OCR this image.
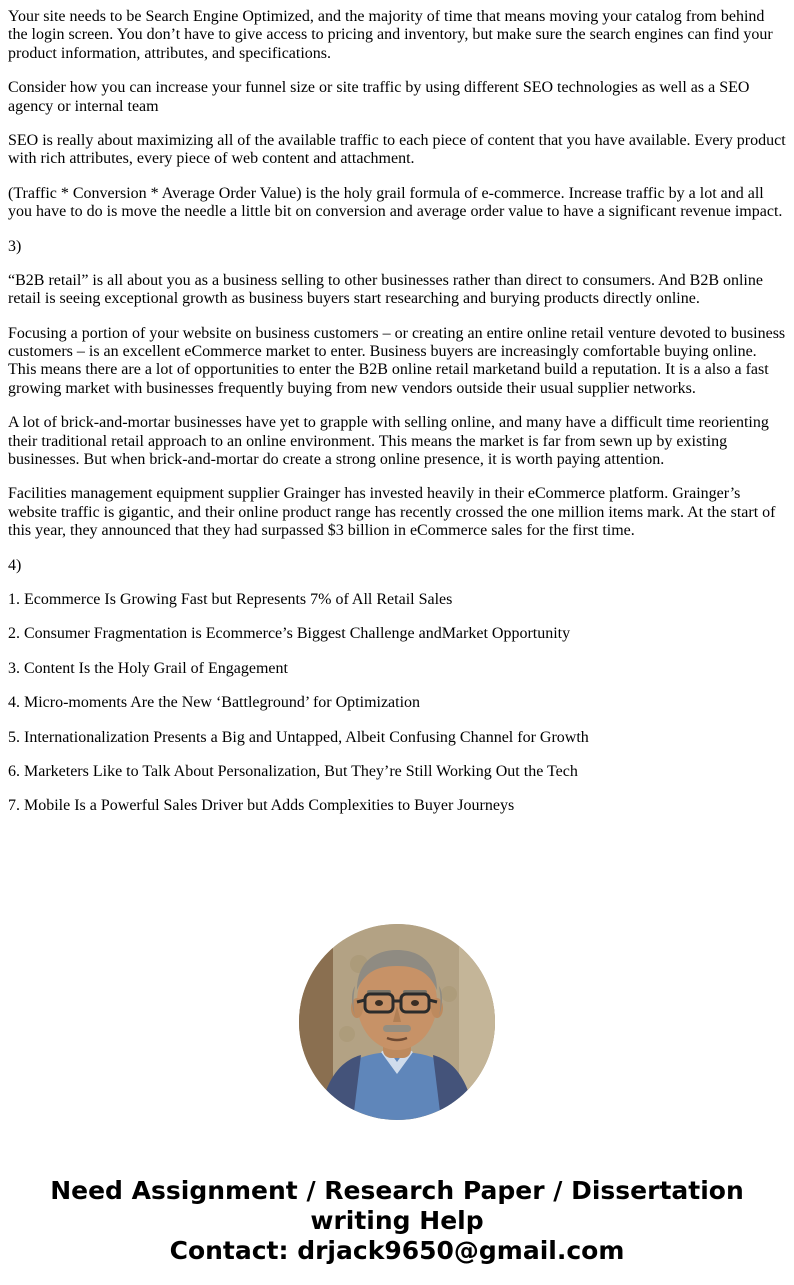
Your site needs to be Search Engine Optimized, and the majority of time that means moving your catalog from behind the login screen. You don’t have to give access to pricing and inventory, but make sure the search engines can find your product information, attributes, and specifications.

Consider how you can increase your funnel size or site traffic by using different SEO technologies as well as a SEO agency or internal team

SEO is really about maximizing all of the available traffic to each piece of content that you have available. Every product with rich attributes, every piece of web content and attachment.

(Traffic * Conversion * Average Order Value) is the holy grail formula of e-commerce. Increase traffic by a lot and all you have to do is move the needle a little bit on conversion and average order value to have a significant revenue impact.

3)

“B2B retail” is all about you as a business selling to other businesses rather than direct to consumers. And B2B online retail is seeing exceptional growth as business buyers start researching and burying products directly online.

Focusing a portion of your website on business customers – or creating an entire online retail venture devoted to business customers – is an excellent eCommerce market to enter. Business buyers are increasingly comfortable buying online. This means there are a lot of opportunities to enter the B2B online retail marketand build a reputation. It is a also a fast growing market with businesses frequently buying from new vendors outside their usual supplier networks.

A lot of brick-and-mortar businesses have yet to grapple with selling online, and many have a difficult time reorienting their traditional retail approach to an online environment. This means the market is far from sewn up by existing businesses. But when brick-and-mortar do create a strong online presence, it is worth paying attention.

Facilities management equipment supplier Grainger has invested heavily in their eCommerce platform. Grainger’s website traffic is gigantic, and their online product range has recently crossed the one million items mark. At the start of this year, they announced that they had surpassed $3 billion in eCommerce sales for the first time.

4)

1. Ecommerce Is Growing Fast but Represents 7% of All Retail Sales

2. Consumer Fragmentation is Ecommerce’s Biggest Challenge andMarket Opportunity

3. Content Is the Holy Grail of Engagement

4. Micro-moments Are the New ‘Battleground’ for Optimization

5. Internationalization Presents a Big and Untapped, Albeit Confusing Channel for Growth

6. Marketers Like to Talk About Personalization, But They’re Still Working Out the Tech

7. Mobile Is a Powerful Sales Driver but Adds Complexities to Buyer Journeys

Need Assignment / Research Paper / Dissertation
writing Help
Contact: drjack9650@gmail.com
